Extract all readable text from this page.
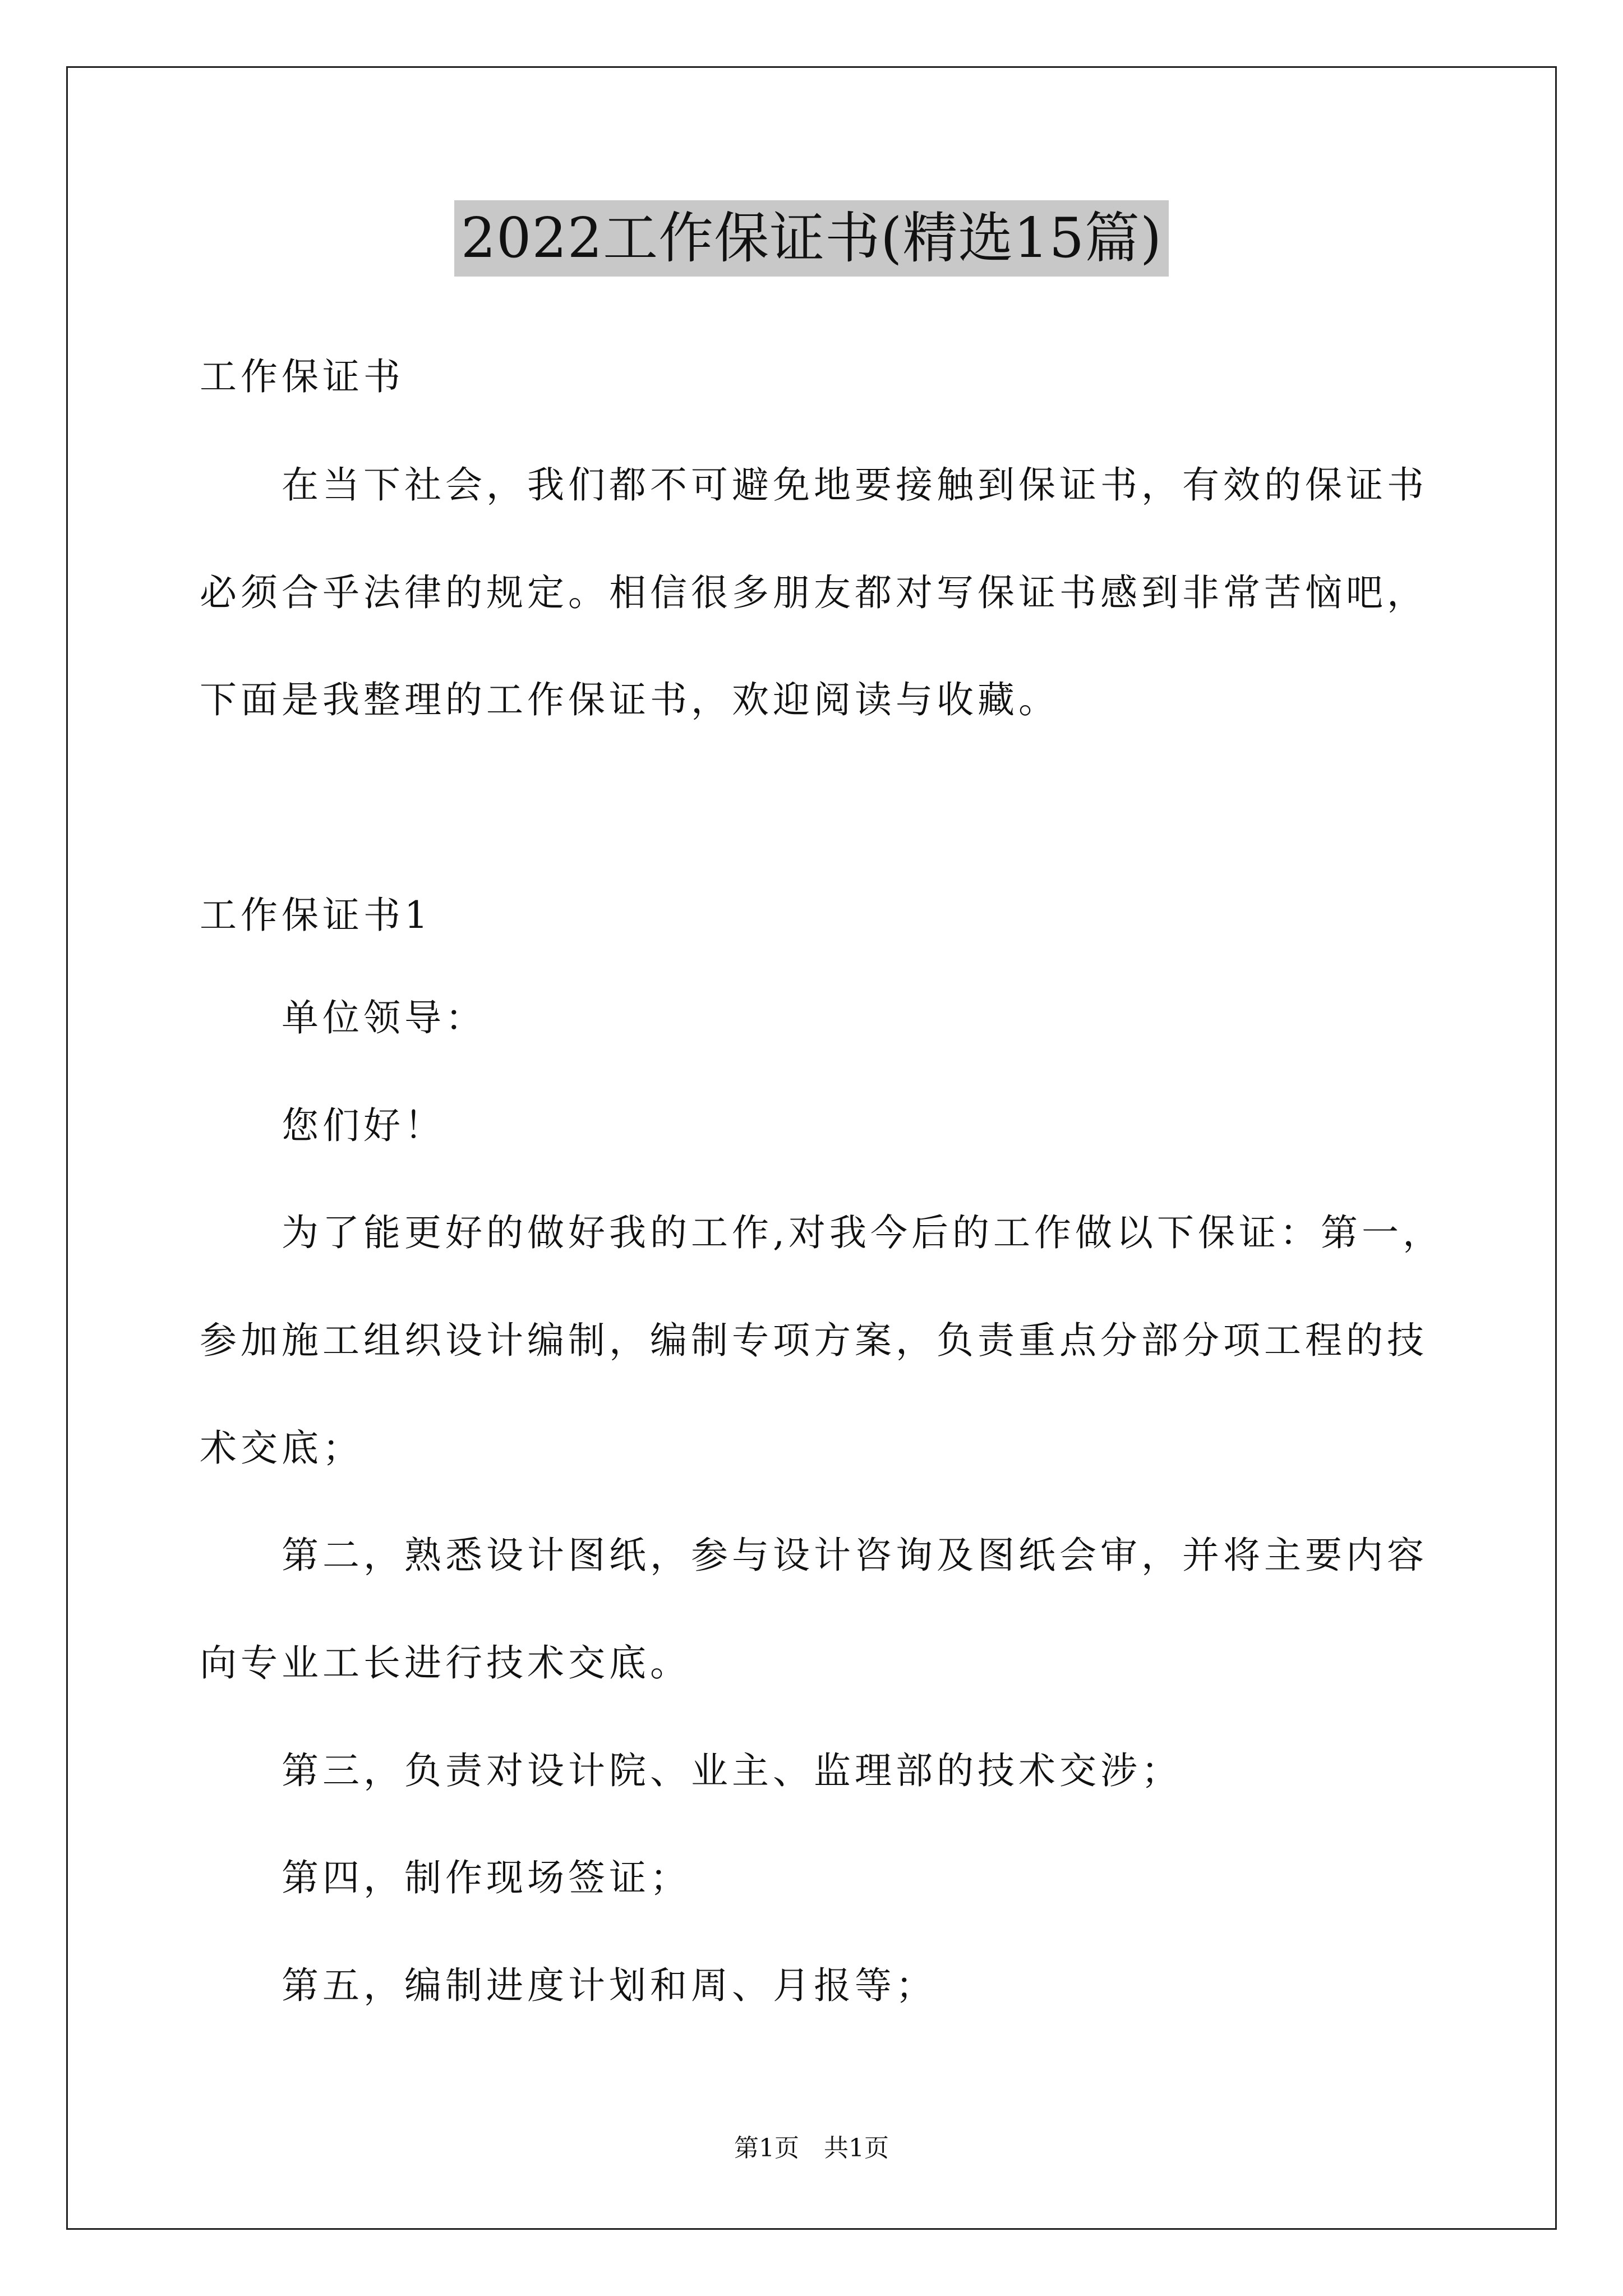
2022工作保证书(精选15篇)
工作保证书
在当下社会，我们都不可避免地要接触到保证书，有效的保证书
必须合乎法律的规定。相信很多朋友都对写保证书感到非常苦恼吧，
下面是我整理的工作保证书，欢迎阅读与收藏。
工作保证书1
单位领导：
您们好！
为了能更好的做好我的工作,对我今后的工作做以下保证：第一，
参加施工组织设计编制，编制专项方案，负责重点分部分项工程的技
术交底；
第二，熟悉设计图纸，参与设计咨询及图纸会审，并将主要内容
向专业工长进行技术交底。
第三，负责对设计院、业主、监理部的技术交涉；
第四，制作现场签证；
第五，编制进度计划和周、月报等；
第1页　共1页
